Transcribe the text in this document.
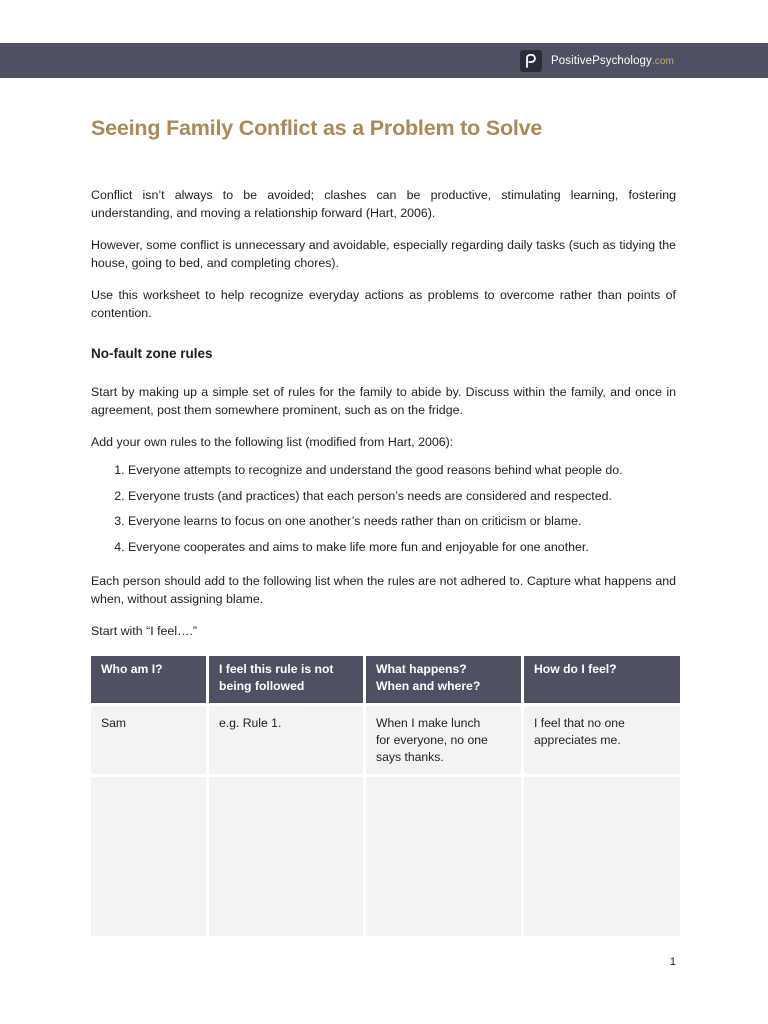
PositivePsychology.com
Seeing Family Conflict as a Problem to Solve

Conflict isn’t always to be avoided; clashes can be productive, stimulating learning, fostering understanding, and moving a relationship forward (Hart, 2006).

However, some conflict is unnecessary and avoidable, especially regarding daily tasks (such as tidying the house, going to bed, and completing chores).

Use this worksheet to help recognize everyday actions as problems to overcome rather than points of contention.

No-fault zone rules

Start by making up a simple set of rules for the family to abide by. Discuss within the family, and once in agreement, post them somewhere prominent, such as on the fridge.

Add your own rules to the following list (modified from Hart, 2006):

1. Everyone attempts to recognize and understand the good reasons behind what people do.
2. Everyone trusts (and practices) that each person’s needs are considered and respected.
3. Everyone learns to focus on one another’s needs rather than on criticism or blame.
4. Everyone cooperates and aims to make life more fun and enjoyable for one another.

Each person should add to the following list when the rules are not adhered to. Capture what happens and when, without assigning blame.

Start with “I feel….”

Who am I?	I feel this rule is not
being followed	What happens?
When and where?	How do I feel?

Sam	e.g. Rule 1.	When I make lunch
for everyone, no one
says thanks.	I feel that no one
appreciates me.

1
